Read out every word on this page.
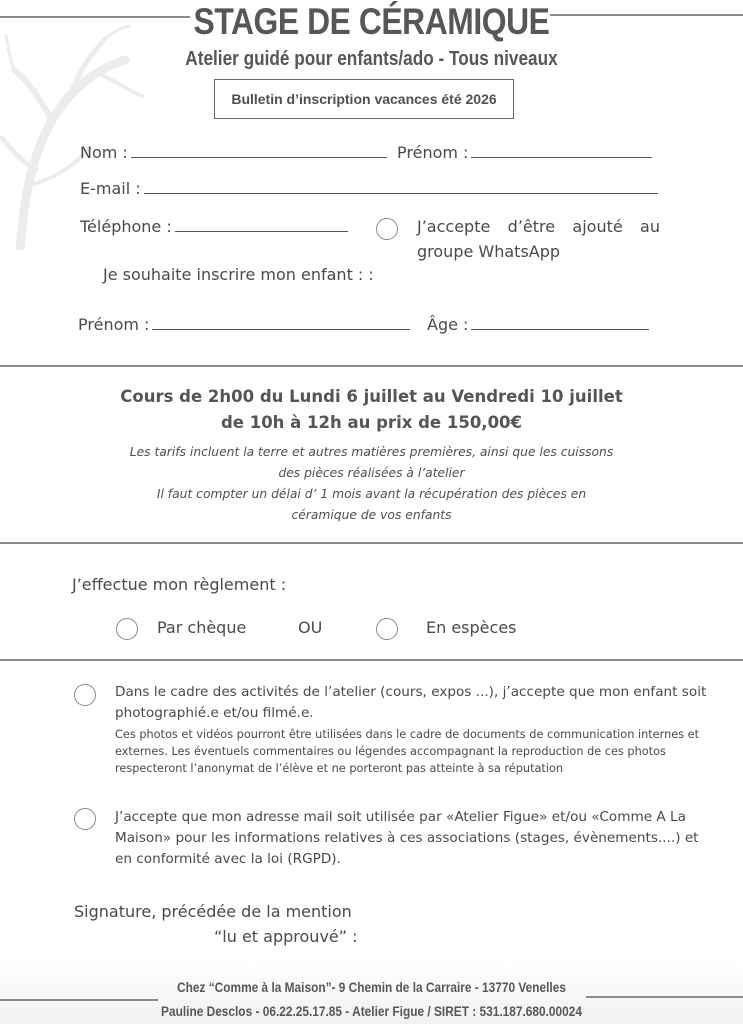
STAGE DE CÉRAMIQUE
Atelier guidé pour enfants/ado - Tous niveaux
Bulletin d’inscription vacances été 2026
Nom :	Prénom :
E-mail :
Téléphone :	J’accepte d’être ajouté au
groupe WhatsApp
Je souhaite inscrire mon enfant : :
Prénom :	Âge :
Cours de 2h00 du Lundi 6 juillet au Vendredi 10 juillet
de 10h à 12h au prix de 150,00€
Les tarifs incluent la terre et autres matières premières, ainsi que les cuissons
des pièces réalisées à l’atelier
Il faut compter un délai d’ 1 mois avant la récupération des pièces en
céramique de vos enfants
J’effectue mon règlement :
Par chèque	OU	En espèces
Dans le cadre des activités de l’atelier (cours, expos ...), j’accepte que mon enfant soit
photographié.e et/ou filmé.e.
Ces photos et vidéos pourront être utilisées dans le cadre de documents de communication internes et
externes. Les éventuels commentaires ou légendes accompagnant la reproduction de ces photos
respecteront l’anonymat de l’élève et ne porteront pas atteinte à sa réputation
J’accepte que mon adresse mail soit utilisée par «Atelier Figue» et/ou «Comme A La
Maison» pour les informations relatives à ces associations (stages, évènements....) et
en conformité avec la loi (RGPD).
Signature, précédée de la mention
“lu et approuvé” :
Chez “Comme à la Maison”- 9 Chemin de la Carraire - 13770 Venelles
Pauline Desclos - 06.22.25.17.85 - Atelier Figue / SIRET : 531.187.680.00024
